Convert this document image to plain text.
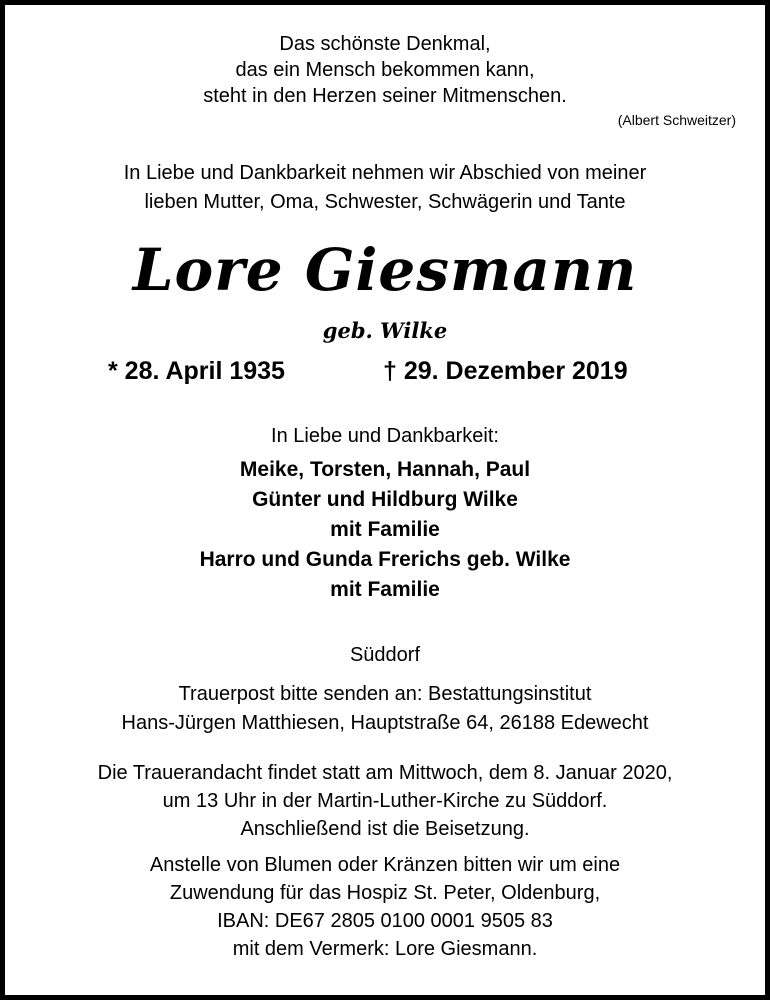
Das schönste Denkmal,
das ein Mensch bekommen kann,
steht in den Herzen seiner Mitmenschen.
(Albert Schweitzer)
In Liebe und Dankbarkeit nehmen wir Abschied von meiner
lieben Mutter, Oma, Schwester, Schwägerin und Tante
Lore Giesmann
geb. Wilke
* 28. April 1935	† 29. Dezember 2019
In Liebe und Dankbarkeit:
Meike, Torsten, Hannah, Paul
Günter und Hildburg Wilke
mit Familie
Harro und Gunda Frerichs geb. Wilke
mit Familie
Süddorf
Trauerpost bitte senden an: Bestattungsinstitut
Hans-Jürgen Matthiesen, Hauptstraße 64, 26188 Edewecht
Die Trauerandacht findet statt am Mittwoch, dem 8. Januar 2020,
um 13 Uhr in der Martin-Luther-Kirche zu Süddorf.
Anschließend ist die Beisetzung.
Anstelle von Blumen oder Kränzen bitten wir um eine
Zuwendung für das Hospiz St. Peter, Oldenburg,
IBAN: DE67 2805 0100 0001 9505 83
mit dem Vermerk: Lore Giesmann.
